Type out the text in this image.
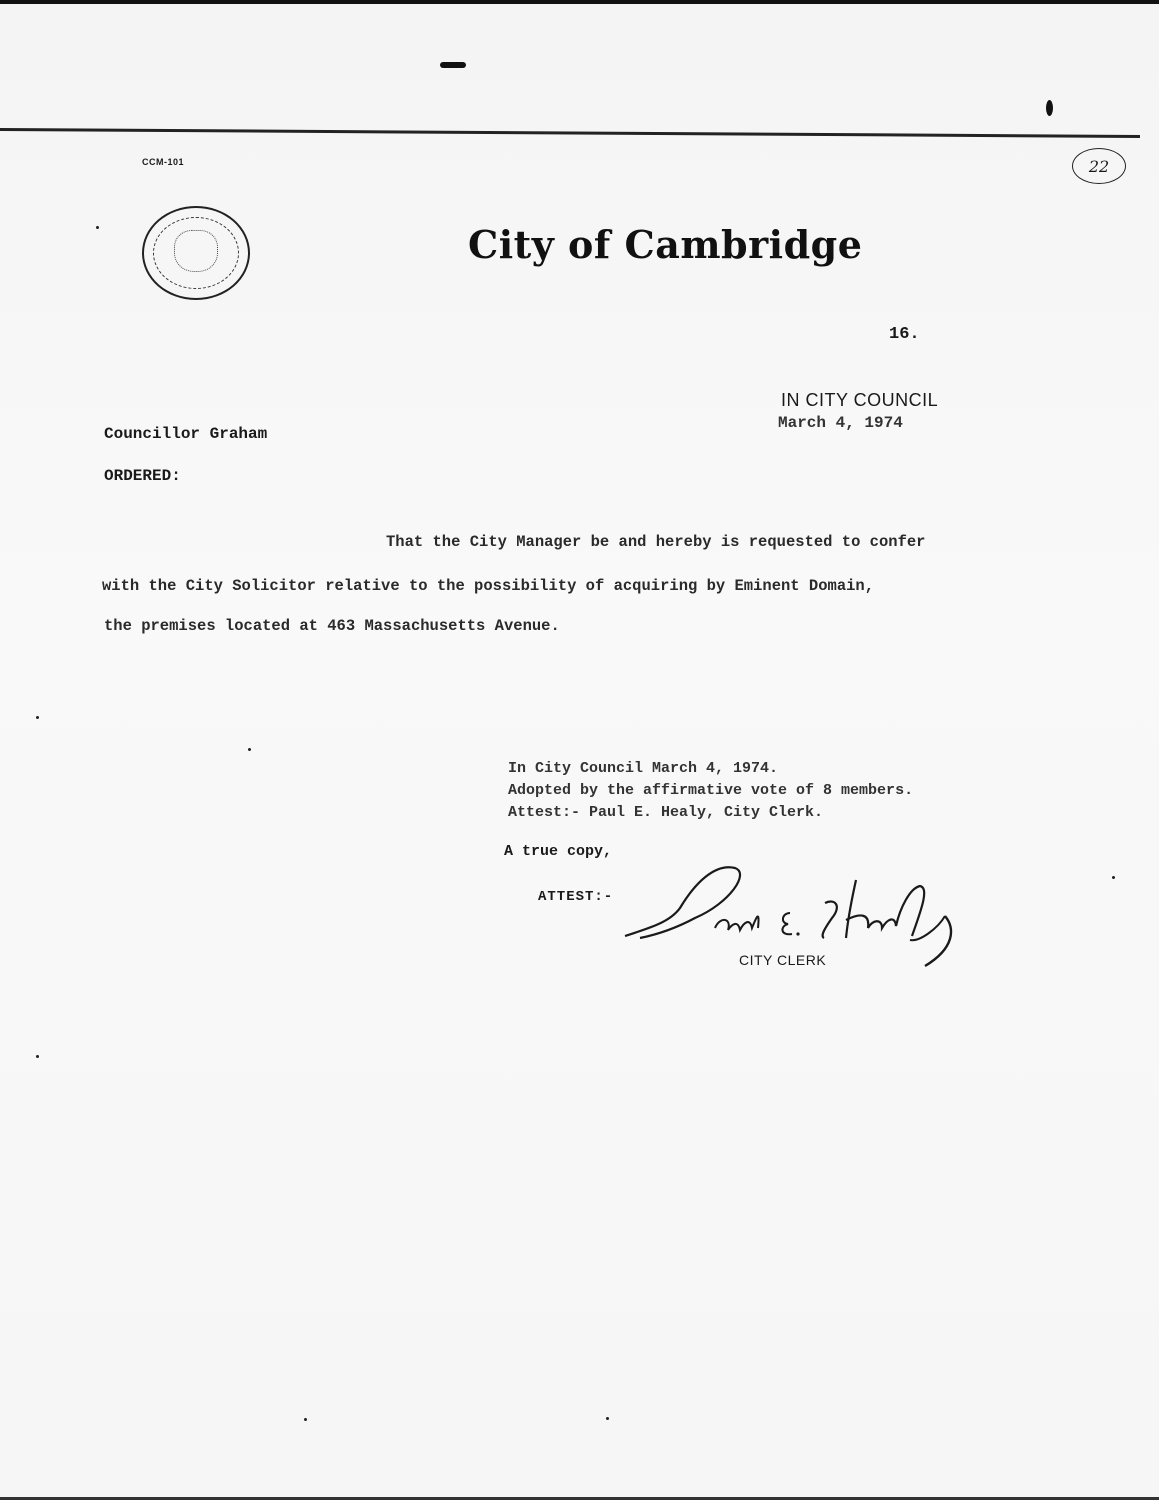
CCM-101	22
City of Cambridge
16.
IN CITY COUNCIL
March 4, 1974
Councillor Graham
ORDERED:
That the City Manager be and hereby is requested to confer
with the City Solicitor relative to the possibility of acquiring by Eminent Domain,
the premises located at 463 Massachusetts Avenue.
In City Council March 4, 1974.
Adopted by the affirmative vote of 8 members.
Attest:- Paul E. Healy, City Clerk.
A true copy,
ATTEST:-
CITY CLERK
